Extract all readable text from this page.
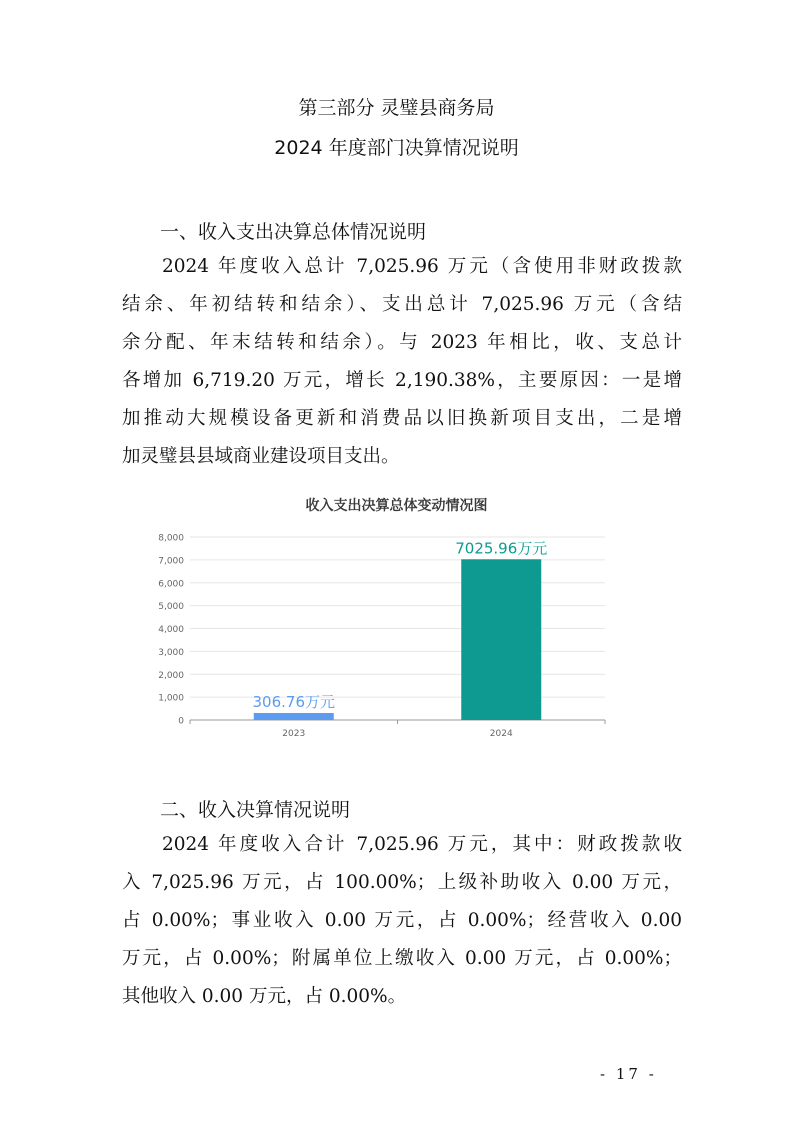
第三部分 灵璧县商务局
2024 年度部门决算情况说明
一、收入支出决算总体情况说明
2024 年度收入总计 7,025.96 万元（含使用非财政拨款
结余、年初结转和结余）、支出总计 7,025.96 万元（含结
余分配、年末结转和结余）。与 2023 年相比，收、支总计
各增加 6,719.20 万元，增长 2,190.38%，主要原因：一是增
加推动大规模设备更新和消费品以旧换新项目支出，二是增
加灵璧县县域商业建设项目支出。
收入支出决算总体变动情况图
0
1,000
2,000
3,000
4,000
5,000
6,000
7,000
8,000
306.76万元
2023
7025.96万元
2024
二、收入决算情况说明
2024 年度收入合计 7,025.96 万元，其中：财政拨款收
入 7,025.96 万元，占 100.00%；上级补助收入 0.00 万元，
占 0.00%；事业收入 0.00 万元，占 0.00%；经营收入 0.00
万元，占 0.00%；附属单位上缴收入 0.00 万元，占 0.00%；
其他收入 0.00 万元，占 0.00%。
- 17 -
